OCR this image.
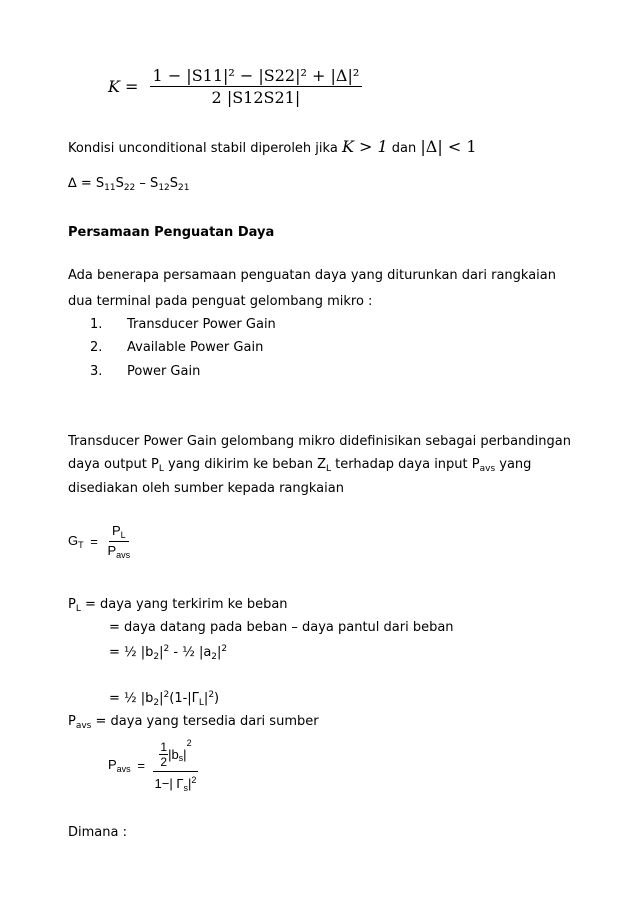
$K = \frac{\text{1 − |S11|² − |S22|² + |Δ|²}}{2 |S12S21|}$
Kondisi unconditional stabil diperoleh jika K > 1 dan |Δ| < 1
∆ = $S_{11}S_{22} - S_{12}S_{21}$
Persamaan Penguatan Daya
Ada benerapa persamaan penguatan daya yang diturunkan dari rangkaian
dua terminal pada penguat gelombang mikro :
1. Transducer Power Gain
2. Available Power Gain
3. Power Gain
Transducer Power Gain gelombang mikro didefinisikan sebagai perbandingan
daya output $P_L$ yang dikirim ke beban $Z_L$ terhadap daya input $P_{avs}$ yang
disediakan oleh sumber kepada rangkaian
$G_T = \frac{P_L}{P_{avs}}$
$P_L$ = daya yang terkirim ke beban
= daya datang pada beban – daya pantul dari beban
= ½ $|b_2|^2$ - ½ $|a_2|^2$
= ½ $|b_2|^2(1-|\Gamma_L|^2)$
$P_{avs}$ = daya yang tersedia dari sumber
$P_{avs} = \frac{\frac{1}{2} |b_s|^2}{1-| \Gamma_s|^2}$
Dimana :
